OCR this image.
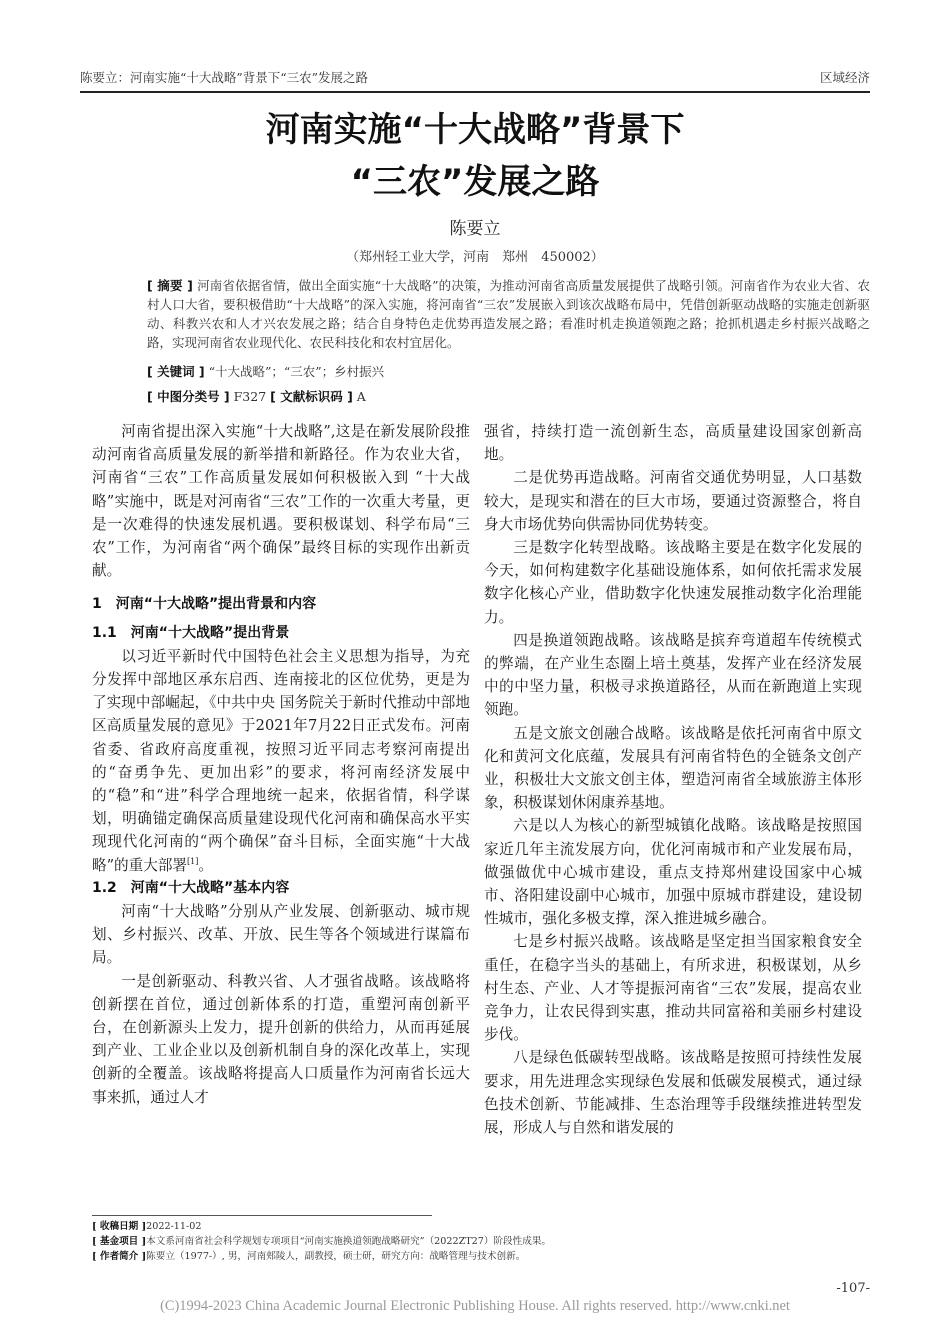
陈要立：河南实施“十大战略”背景下“三农”发展之路	区域经济
河南实施“十大战略”背景下
“三农”发展之路
陈要立
（郑州轻工业大学，河南　郑州　450002）
[ 摘要 ] 河南省依据省情，做出全面实施“十大战略”的决策，为推动河南省高质量发展提供了战略引领。河南省作为农业大省、农村人口大省，要积极借助“十大战略”的深入实施，将河南省“三农”发展嵌入到该次战略布局中，凭借创新驱动战略的实施走创新驱动、科教兴农和人才兴农发展之路；结合自身特色走优势再造发展之路；看准时机走换道领跑之路；抢抓机遇走乡村振兴战略之路，实现河南省农业现代化、农民科技化和农村宜居化。
[ 关键词 ] “十大战略”；“三农”；乡村振兴
[ 中图分类号 ] F327 [ 文献标识码 ] A

河南省提出深入实施“十大战略”,这是在新发展阶段推动河南省高质量发展的新举措和新路径。作为农业大省，河南省“三农”工作高质量发展如何积极嵌入到 “十大战略”实施中，既是对河南省“三农”工作的一次重大考量，更是一次难得的快速发展机遇。要积极谋划、科学布局“三农”工作，为河南省“两个确保”最终目标的实现作出新贡献。

1　河南“十大战略”提出背景和内容
1.1　河南“十大战略”提出背景

以习近平新时代中国特色社会主义思想为指导，为充分发挥中部地区承东启西、连南接北的区位优势，更是为了实现中部崛起，《中共中央 国务院关于新时代推动中部地区高质量发展的意见》于2021年7月22日正式发布。河南省委、省政府高度重视，按照习近平同志考察河南提出的“奋勇争先、更加出彩”的要求，将河南经济发展中的“稳”和“进”科学合理地统一起来，依据省情，科学谋划，明确锚定确保高质量建设现代化河南和确保高水平实现现代化河南的“两个确保”奋斗目标，全面实施“十大战略”的重大部署[1]。

1.2　河南“十大战略”基本内容

河南“十大战略”分别从产业发展、创新驱动、城市规划、乡村振兴、改革、开放、民生等各个领域进行谋篇布局。

一是创新驱动、科教兴省、人才强省战略。该战略将创新摆在首位，通过创新体系的打造，重塑河南创新平台，在创新源头上发力，提升创新的供给力，从而再延展到产业、工业企业以及创新机制自身的深化改革上，实现创新的全覆盖。该战略将提高人口质量作为河南省长远大事来抓，通过人才

强省，持续打造一流创新生态，高质量建设国家创新高地。

二是优势再造战略。河南省交通优势明显，人口基数较大，是现实和潜在的巨大市场，要通过资源整合，将自身大市场优势向供需协同优势转变。

三是数字化转型战略。该战略主要是在数字化发展的今天，如何构建数字化基础设施体系，如何依托需求发展数字化核心产业，借助数字化快速发展推动数字化治理能力。

四是换道领跑战略。该战略是摈弃弯道超车传统模式的弊端，在产业生态圈上培土奠基，发挥产业在经济发展中的中坚力量，积极寻求换道路径，从而在新跑道上实现领跑。

五是文旅文创融合战略。该战略是依托河南省中原文化和黄河文化底蕴，发展具有河南省特色的全链条文创产业，积极壮大文旅文创主体，塑造河南省全域旅游主体形象，积极谋划休闲康养基地。

六是以人为核心的新型城镇化战略。该战略是按照国家近几年主流发展方向，优化河南城市和产业发展布局，做强做优中心城市建设，重点支持郑州建设国家中心城市、洛阳建设副中心城市，加强中原城市群建设，建设韧性城市，强化多极支撑，深入推进城乡融合。

七是乡村振兴战略。该战略是坚定担当国家粮食安全重任，在稳字当头的基础上，有所求进，积极谋划，从乡村生态、产业、人才等提振河南省“三农”发展，提高农业竞争力，让农民得到实惠，推动共同富裕和美丽乡村建设步伐。

八是绿色低碳转型战略。该战略是按照可持续性发展要求，用先进理念实现绿色发展和低碳发展模式，通过绿色技术创新、节能减排、生态治理等手段继续推进转型发展，形成人与自然和谐发展的

[ 收稿日期 ]2022-11-02
[ 基金项目 ]本文系河南省社会科学规划专项项目“河南实施换道领跑战略研究”（2022ZT27）阶段性成果。
[ 作者简介 ]陈要立（1977-）, 男，河南郏陵人，副教授，硕士研，研究方向：战略管理与技术创新。
-107-
(C)1994-2023 China Academic Journal Electronic Publishing House. All rights reserved. http://www.cnki.net
